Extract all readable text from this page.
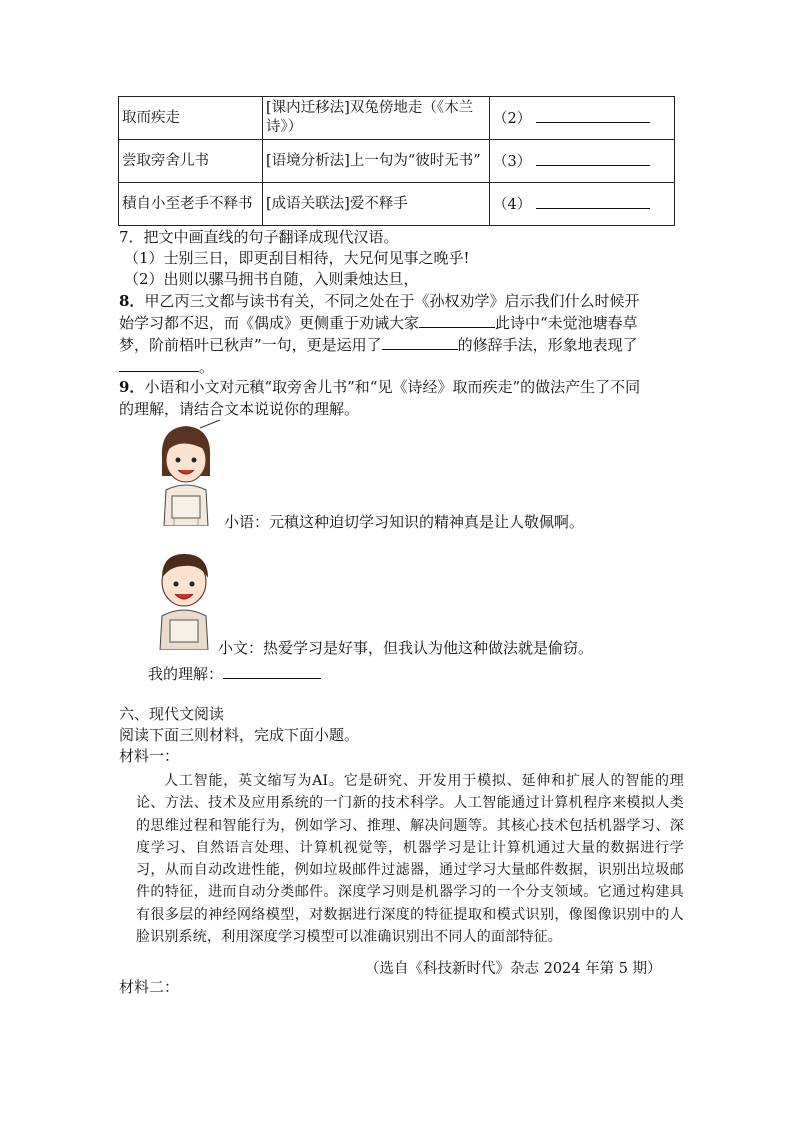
取而疾走	[课内迁移法]双兔傍地走（《木兰诗》）	（2）
尝取旁舍儿书	[语境分析法]上一句为“彼时无书”	（3）
積自小至老手不释书	[成语关联法]爱不释手	（4）
7．把文中画直线的句子翻译成现代汉语。
（1）士别三日，即更刮目相待，大兄何见事之晚乎!
（2）出则以骡马拥书自随，入则秉烛达旦，
8．甲乙丙三文都与读书有关，不同之处在于《孙权劝学》启示我们什么时候开
始学习都不迟，而《偶成》更侧重于劝诫大家	此诗中“未觉池塘春草
梦，阶前梧叶已秋声”一句，更是运用了	的修辞手法，形象地表现了
。
9．小语和小文对元稹“取旁舍儿书”和“见《诗经》取而疾走”的做法产生了不同
的理解，请结合文本说说你的理解。
小语：元稹这种迫切学习知识的精神真是让人敬佩啊。
小文：热爱学习是好事，但我认为他这种做法就是偷窃。
我的理解：
六、现代文阅读
阅读下面三则材料，完成下面小题。
材料一：

人工智能，英文缩写为AI。它是研究、开发用于模拟、延伸和扩展人的智能的理论、方法、技术及应用系统的一门新的技术科学。人工智能通过计算机程序来模拟人类的思维过程和智能行为，例如学习、推理、解决问题等。其核心技术包括机器学习、深度学习、自然语言处理、计算机视觉等，机器学习是让计算机通过大量的数据进行学习，从而自动改进性能，例如垃圾邮件过滤器，通过学习大量邮件数据，识别出垃圾邮件的特征，进而自动分类邮件。深度学习则是机器学习的一个分支领域。它通过构建具有很多层的神经网络模型，对数据进行深度的特征提取和模式识别，像图像识别中的人脸识别系统，利用深度学习模型可以准确识别出不同人的面部特征。

（选自《科技新时代》杂志 2024 年第 5 期）
材料二：
